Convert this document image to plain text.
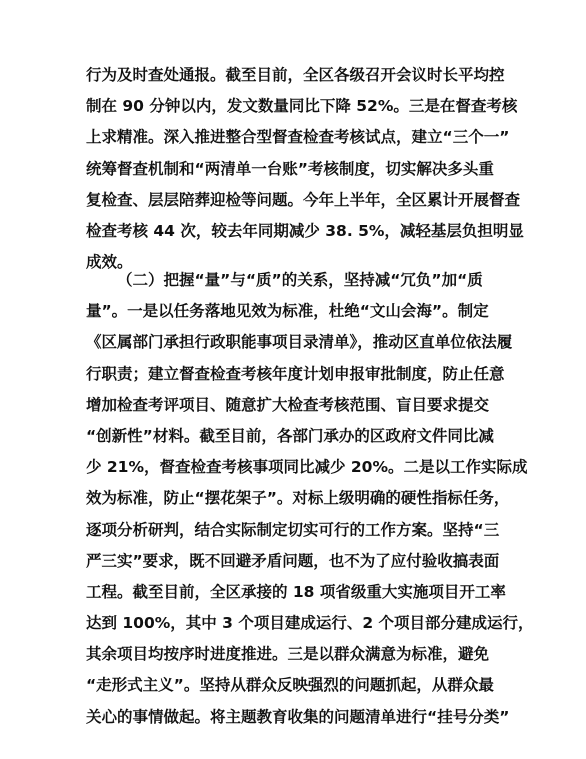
行为及时查处通报。截至目前，全区各级召开会议时长平均控
制在 90 分钟以内，发文数量同比下降 52%。三是在督查考核
上求精准。深入推进整合型督查检查考核试点，建立“三个一”
统筹督查机制和“两清单一台账”考核制度，切实解决多头重
复检查、层层陪葬迎检等问题。今年上半年，全区累计开展督查
检查考核 44 次，较去年同期减少 38. 5%，减轻基层负担明显
成效。
（二）把握“量”与“质”的关系，坚持减“冗负”加“质
量”。一是以任务落地见效为标准，杜绝“文山会海”。制定
《区属部门承担行政职能事项目录清单》，推动区直单位依法履
行职责；建立督查检查考核年度计划申报审批制度，防止任意
增加检查考评项目、随意扩大检查考核范围、盲目要求提交
“创新性”材料。截至目前，各部门承办的区政府文件同比减
少 21%，督查检查考核事项同比减少 20%。二是以工作实际成
效为标准，防止“摆花架子”。对标上级明确的硬性指标任务，
逐项分析研判，结合实际制定切实可行的工作方案。坚持“三
严三实”要求，既不回避矛盾问题，也不为了应付验收搞表面
工程。截至目前，全区承接的 18 项省级重大实施项目开工率
达到 100%，其中 3 个项目建成运行、2 个项目部分建成运行，
其余项目均按序时进度推进。三是以群众满意为标准，避免
“走形式主义”。坚持从群众反映强烈的问题抓起，从群众最
关心的事情做起。将主题教育收集的问题清单进行“挂号分类”
